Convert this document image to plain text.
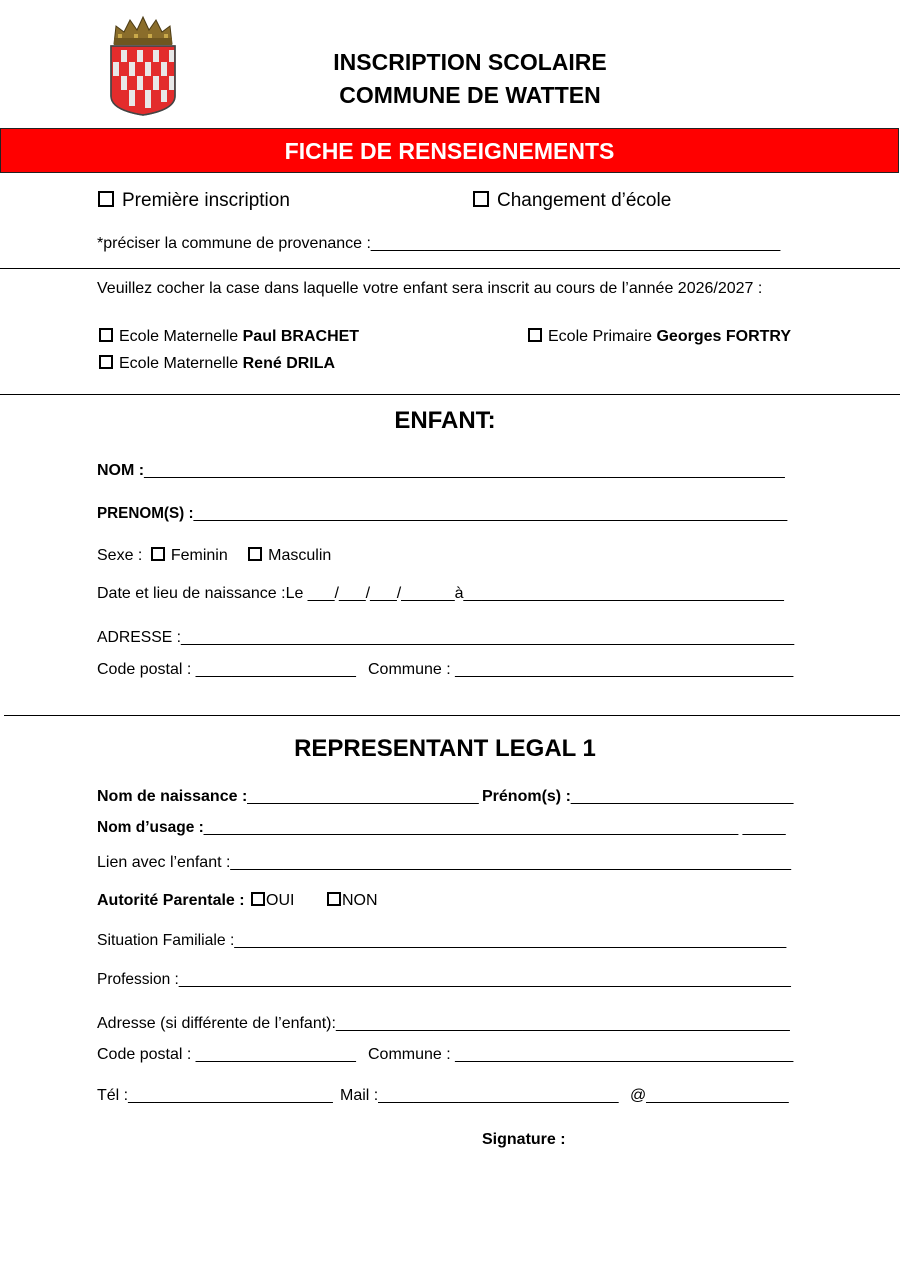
INSCRIPTION SCOLAIRE
COMMUNE DE WATTEN
FICHE DE RENSEIGNEMENTS
Première inscription	Changement d’école
*préciser la commune de provenance :______________________________________________
Veuillez cocher la case dans laquelle votre enfant sera inscrit au cours de l’année 2026/2027 :
Ecole Maternelle Paul BRACHET
Ecole Maternelle René DRILA
Ecole Primaire Georges FORTRY
ENFANT:
NOM :________________________________________________________________________
PRENOM(S) :______________________________________________________________________
Sexe : Feminin	Masculin
Date et lieu de naissance :Le ___/___/___/______à____________________________________
ADRESSE :______________________________________________________________________
Code postal : __________________ Commune : ______________________________________
REPRESENTANT LEGAL 1
Nom de naissance :__________________________ Prénom(s) :_________________________
Nom d’usage :______________________________________________________________ _____
Lien avec l’enfant :_______________________________________________________________
Autorité Parentale : OUI	NON
Situation Familiale :_______________________________________________________________
Profession :_______________________________________________________________________
Adresse (si différente de l’enfant):___________________________________________________
Code postal : __________________ Commune : ______________________________________
Tél :_______________________ Mail :___________________________ @________________
Signature :
